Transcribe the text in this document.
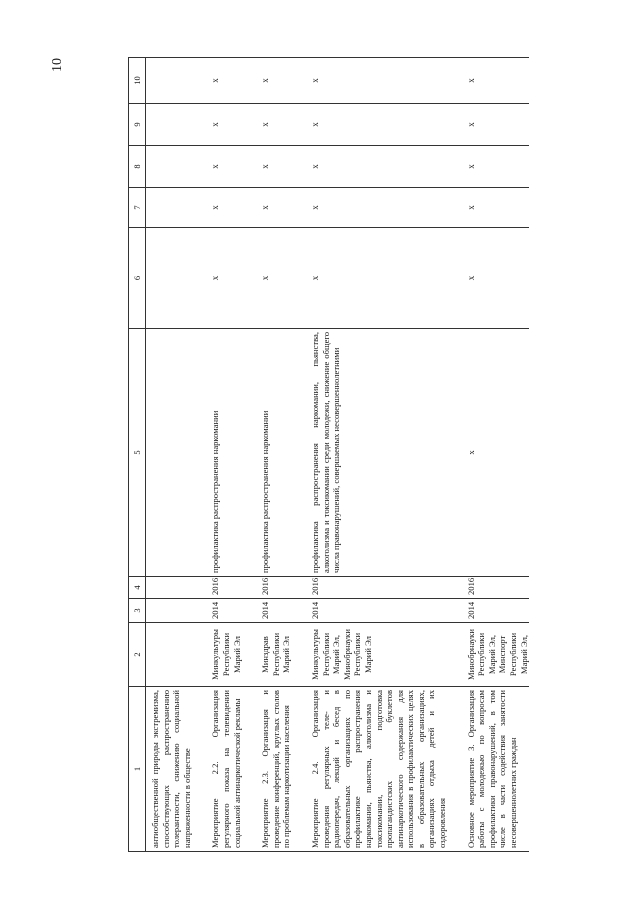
10
1	2	3	4	5	6	7	8	9	10
антиобщественной природы экстремизма, способствующих распространению толерантности, снижению социальной напряженности в обществе									

Мероприятие 2.2. Организация регулярного показа на телевидении социальной антинаркотической рекламы	Минкультуры Республики Марий Эл	2014	2016	профилактика распространения наркомании	x	x	x	x	x

Мероприятие 2.3. Организация и проведение конференций, круглых столов по проблемам наркотизации населения	Минздрав Республики Марий Эл	2014	2016	профилактика распространения наркомании	x	x	x	x	x

Мероприятие 2.4. Организация проведения регулярных теле- и радиопередач, лекций и бесед в образовательных организациях по профилактике распространения наркомании, пьянства, алкоголизма и токсикомании, подготовка пропагандистских буклетов антинаркотического содержания для использования в профилактических целях в образовательных организациях, организациях отдыха детей и их оздоровления	Минкультуры Республики Марий Эл, Минобрнауки Республики Марий Эл	2014	2016	профилактика распространения наркомании, пьянства, алкоголизма и токсикомании среди молодежи, снижение общего числа правонарушений, совершаемых несовершеннолетними	x	x	x	x	x

Основное мероприятие 3. Организация работы с молодежью по вопросам профилактики правонарушений, в том числе в части содействия занятости несовершеннолетних граждан	Минобрнауки Республики Марий Эл, Минспорт Республики Марий Эл,	2014	2016	x	x	x	x	x	x
